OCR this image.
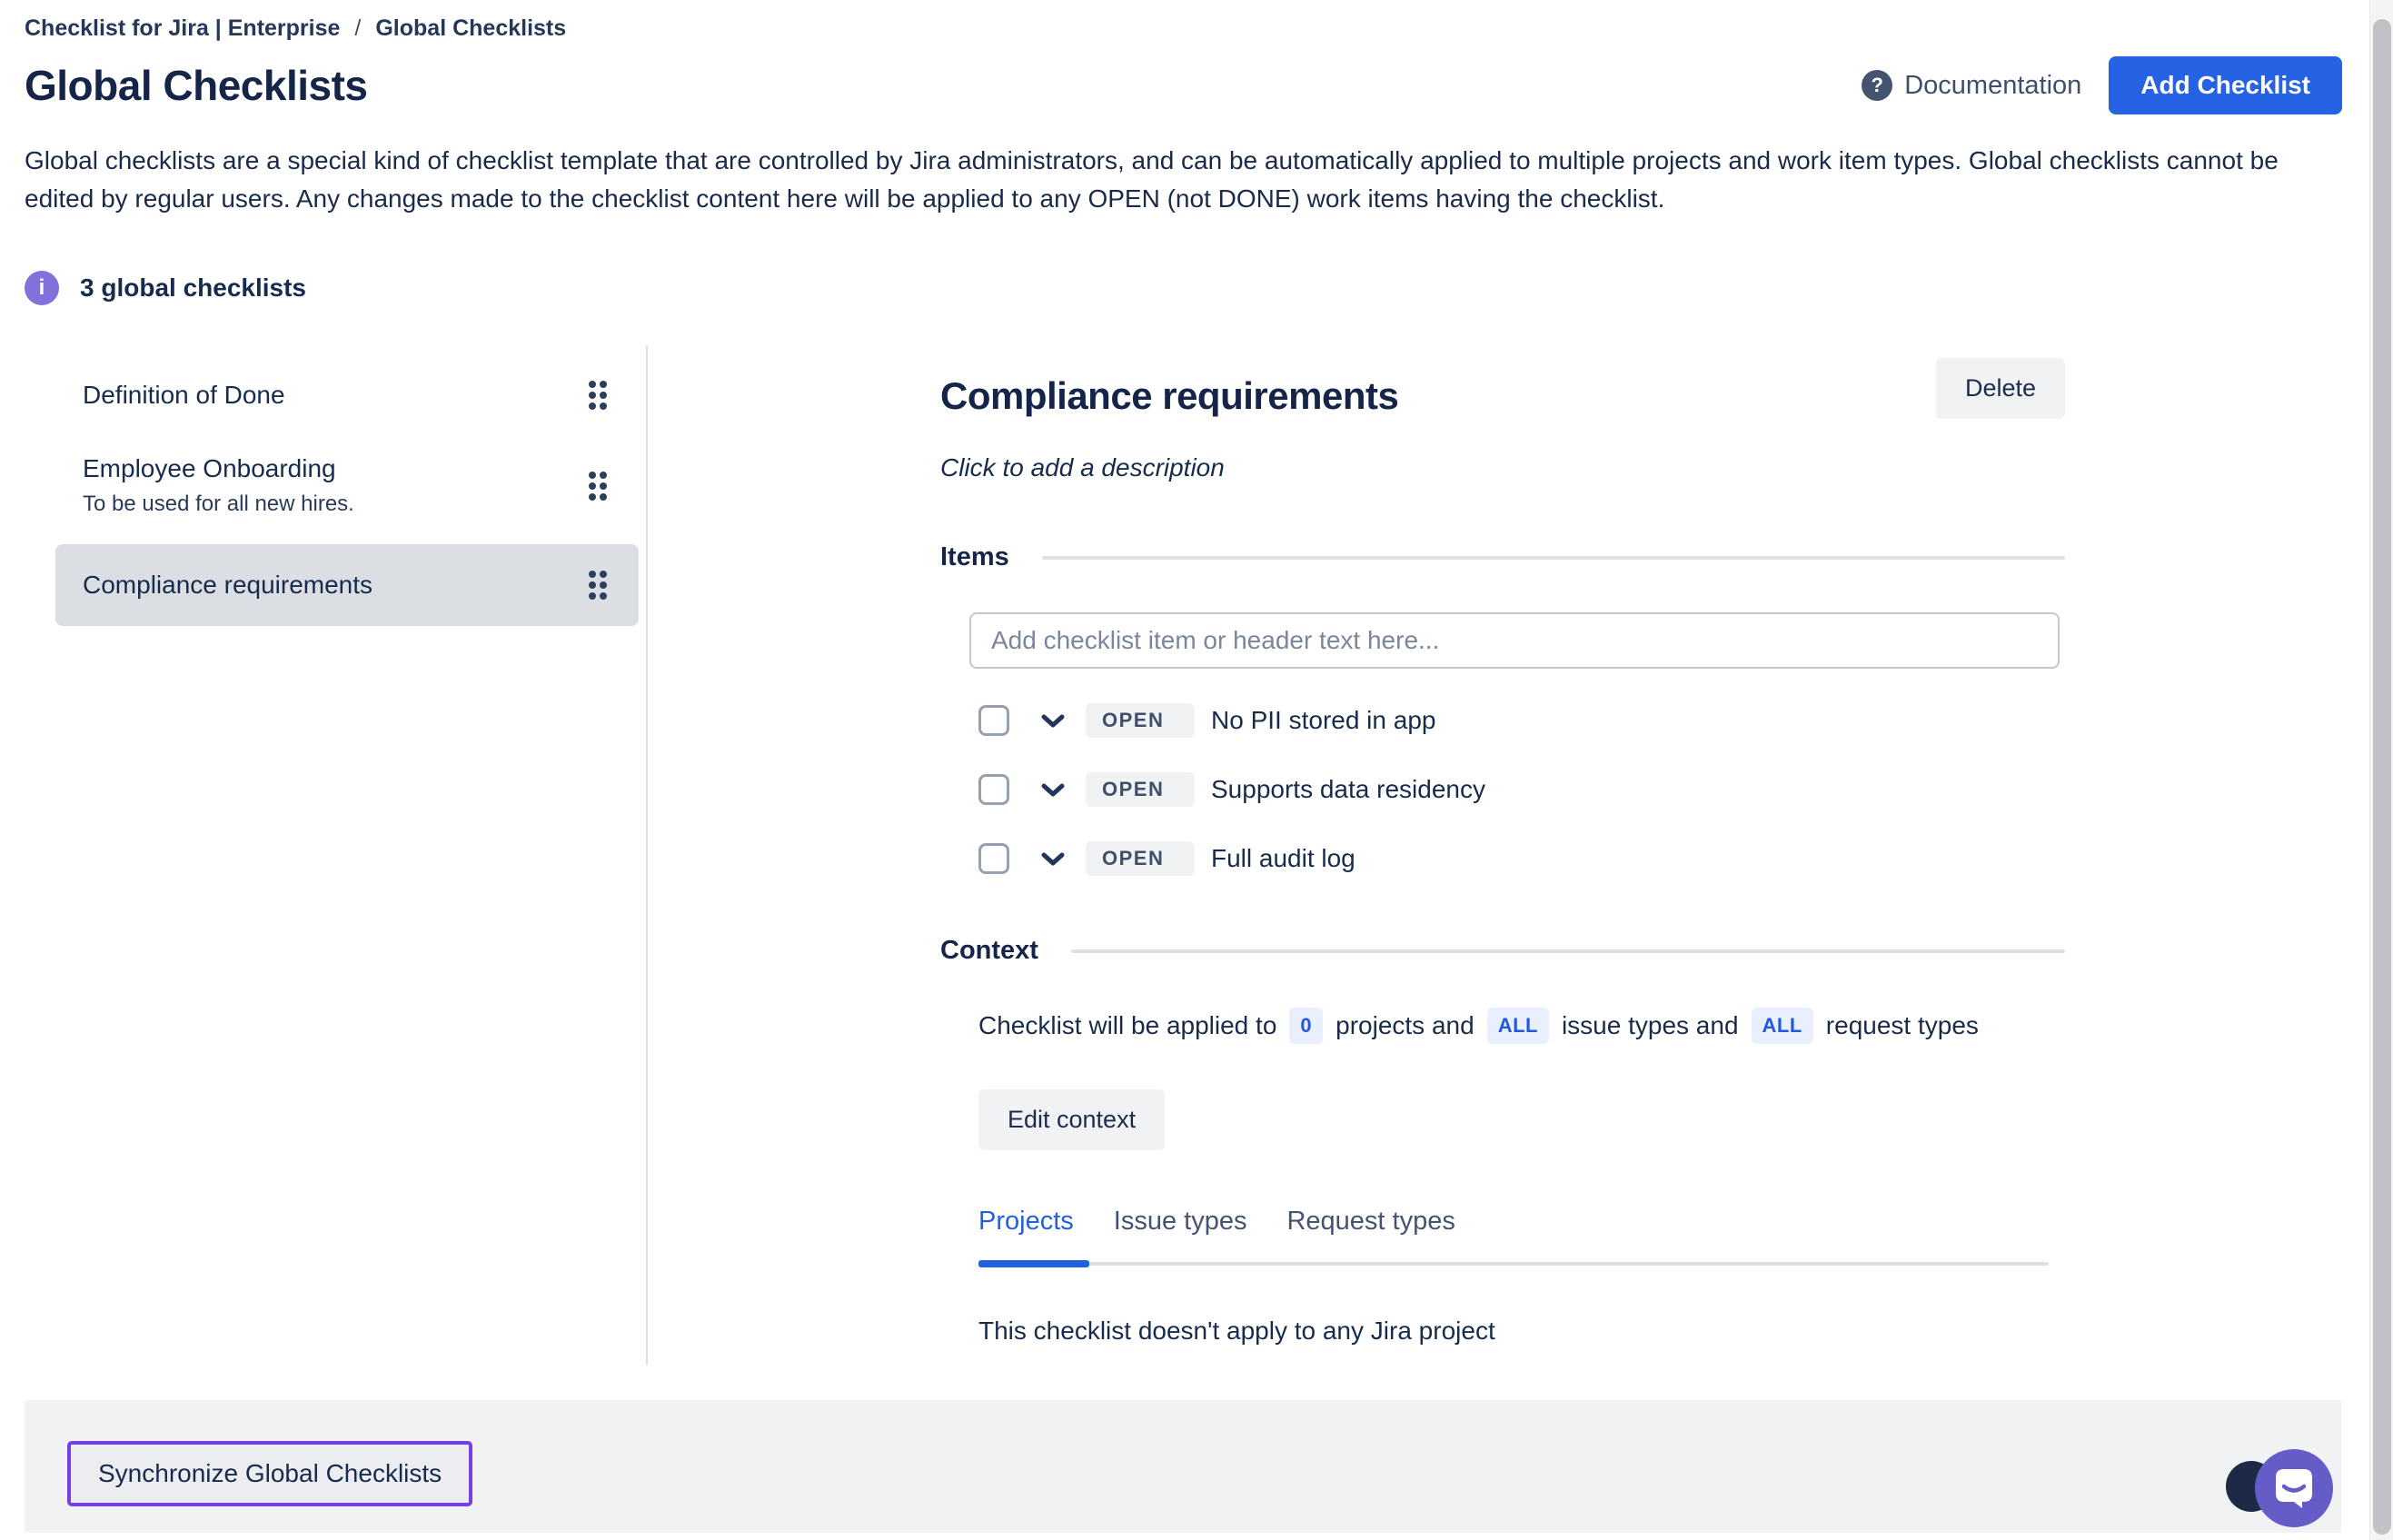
Checklist for Jira | Enterprise / Global Checklists
Global Checklists	? Documentation	Add Checklist

Global checklists are a special kind of checklist template that are controlled by Jira administrators, and can be automatically applied to multiple projects and work item types. Global checklists cannot be edited by regular users. Any changes made to the checklist content here will be applied to any OPEN (not DONE) work items having the checklist.

i	3 global checklists
Definition of Done
Employee Onboarding
To be used for all new hires.
Compliance requirements
Compliance requirements	Delete
Click to add a description
Items
Add checklist item or header text here...
OPEN	No PII stored in app
OPEN	Supports data residency
OPEN	Full audit log
Context
Checklist will be applied to	0 projects and	ALL issue types and	ALL request types
Edit context
Projects Issue types Request types
This checklist doesn't apply to any Jira project
Synchronize Global Checklists
